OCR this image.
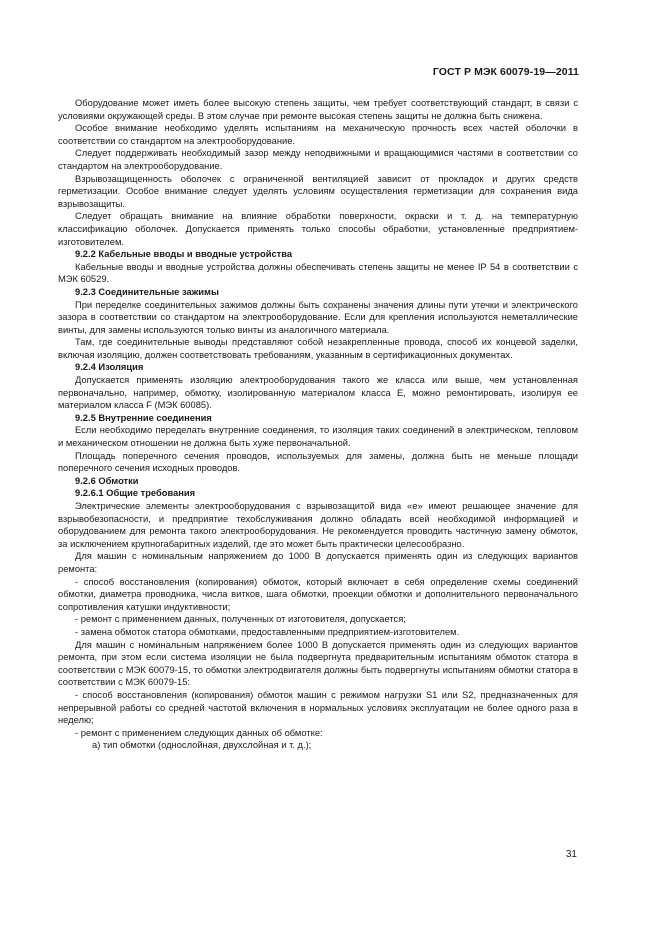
ГОСТ Р МЭК 60079-19—2011

Оборудование может иметь более высокую степень защиты, чем требует соответствующий стандарт, в связи с условиями окружающей среды. В этом случае при ремонте высокая степень защиты не должна быть снижена.

Особое внимание необходимо уделять испытаниям на механическую прочность всех частей оболочки в соответствии со стандартом на электрооборудование.

Следует поддерживать необходимый зазор между неподвижными и вращающимися частями в соответствии со стандартом на электрооборудование.

Взрывозащищенность оболочек с ограниченной вентиляцией зависит от прокладок и других средств герметизации. Особое внимание следует уделять условиям осуществления герметизации для сохранения вида взрывозащиты.

Следует обращать внимание на влияние обработки поверхности, окраски и т. д. на температурную классификацию оболочек. Допускается применять только способы обработки, установленные предприятием-изготовителем.

9.2.2 Кабельные вводы и вводные устройства

Кабельные вводы и вводные устройства должны обеспечивать степень защиты не менее IP 54 в соответствии с МЭК 60529.

9.2.3 Соединительные зажимы

При переделке соединительных зажимов должны быть сохранены значения длины пути утечки и электрического зазора в соответствии со стандартом на электрооборудование. Если для крепления используются неметаллические винты, для замены используются только винты из аналогичного материала.

Там, где соединительные выводы представляют собой незакрепленные провода, способ их концевой заделки, включая изоляцию, должен соответствовать требованиям, указанным в сертификационных документах.

9.2.4 Изоляция

Допускается применять изоляцию электрооборудования такого же класса или выше, чем установленная первоначально, например, обмотку, изолированную материалом класса E, можно ремонтировать, изолируя ее материалом класса F (МЭК 60085).

9.2.5 Внутренние соединения

Если необходимо переделать внутренние соединения, то изоляция таких соединений в электрическом, тепловом и механическом отношении не должна быть хуже первоначальной.

Площадь поперечного сечения проводов, используемых для замены, должна быть не меньше площади поперечного сечения исходных проводов.

9.2.6 Обмотки

9.2.6.1 Общие требования

Электрические элементы электрооборудования с взрывозащитой вида «е» имеют решающее значение для взрывобезопасности, и предприятие техобслуживания должно обладать всей необходимой информацией и оборудованием для ремонта такого электрооборудования. Не рекомендуется проводить частичную замену обмоток, за исключением крупногабаритных изделий, где это может быть практически целесообразно.

Для машин с номинальным напряжением до 1000 В допускается применять один из следующих вариантов ремонта:

- способ восстановления (копирования) обмоток, который включает в себя определение схемы соединений обмотки, диаметра проводника, числа витков, шага обмотки, проекции обмотки и дополнительного первоначального сопротивления катушки индуктивности;

- ремонт с применением данных, полученных от изготовителя, допускается;

- замена обмоток статора обмотками, предоставленными предприятием-изготовителем.

Для машин с номинальным напряжением более 1000 В допускается применять один из следующих вариантов ремонта, при этом если система изоляции не была подвергнута предварительным испытаниям обмоток статора в соответствии с МЭК 60079-15, то обмотки электродвигателя должны быть подвергнуты испытаниям обмотки статора в соответствии с МЭК 60079-15:

- способ восстановления (копирования) обмоток машин с режимом нагрузки S1 или S2, предназначенных для непрерывной работы со средней частотой включения в нормальных условиях эксплуатации не более одного раза в неделю;

- ремонт с применением следующих данных об обмотке:

а) тип обмотки (однослойная, двухслойная и т. д.);

31
